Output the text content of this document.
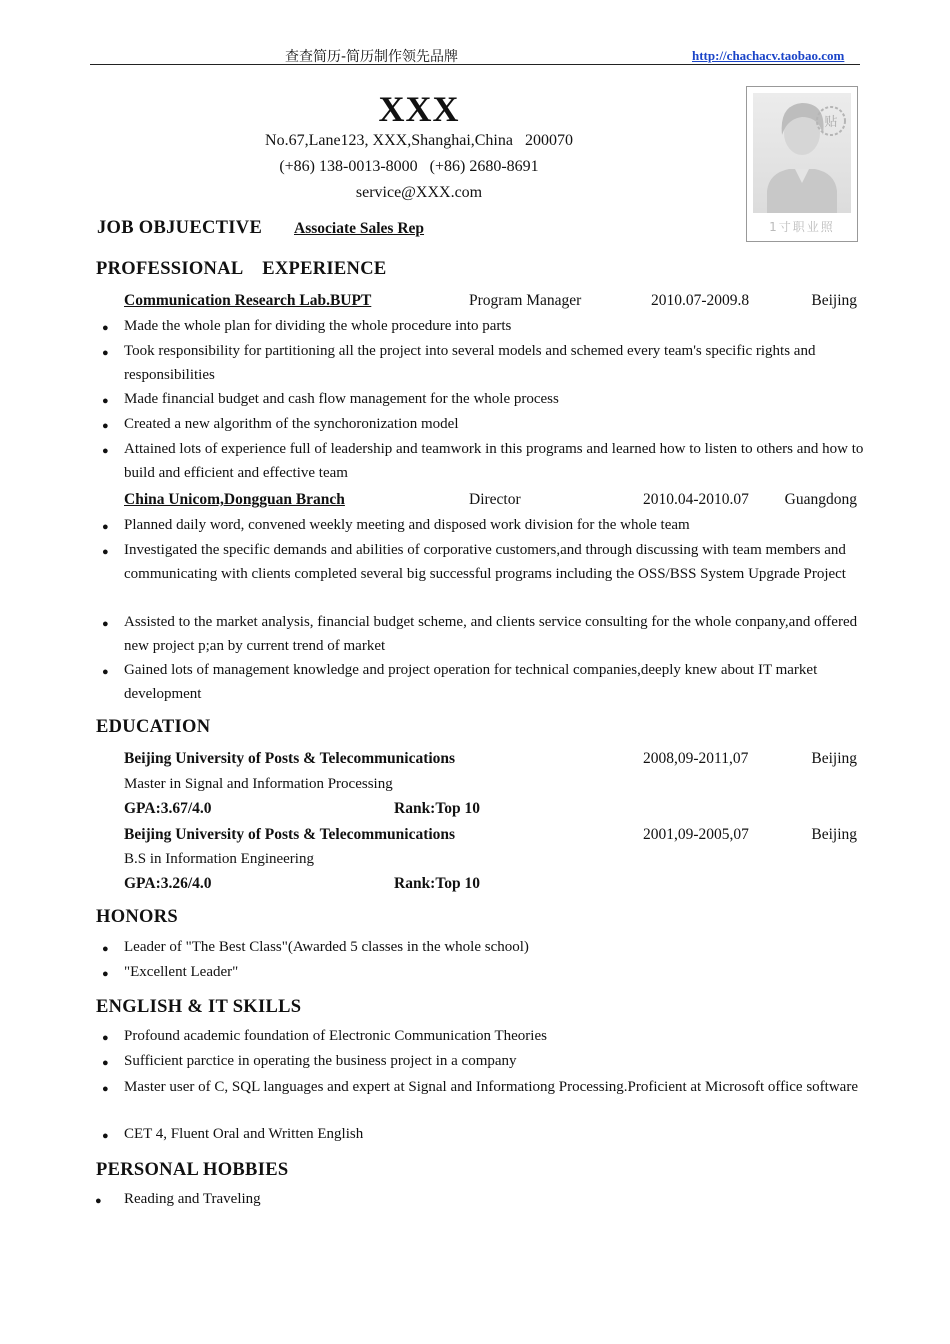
查查简历-简历制作领先品牌	http://chachacv.taobao.com
XXX
No.67,Lane123, XXX,Shanghai,China   200070
(+86) 138-0013-8000   (+86) 2680-8691
service@XXX.com
贴
1寸职业照
JOB OBJUECTIVE Associate Sales Rep
PROFESSIONAL    EXPERIENCE
Communication Research Lab.BUPT	Program Manager	2010.07-2009.8	Beijing
● Made the whole plan for dividing the whole procedure into parts
● Took responsibility for partitioning all the project into several models and schemed every team's specific rights and responsibilities
● Made financial budget and cash flow management for the whole process
● Created a new algorithm of the synchoronization model
● Attained lots of experience full of leadership and teamwork in this programs and learned how to listen to others and how to build and efficient and effective team
China Unicom,Dongguan Branch	Director	2010.04-2010.07	Guangdong
● Planned daily word, convened weekly meeting and disposed work division for the whole team
● Investigated the specific demands and abilities of corporative customers,and through discussing with team members and communicating with clients completed several big successful programs including the OSS/BSS System Upgrade Project
● Assisted to the market analysis, financial budget scheme, and clients service consulting for the whole conpany,and offered new project p;an by current trend of market
● Gained lots of management knowledge and project operation for technical companies,deeply knew about IT market development
EDUCATION
Beijing University of Posts & Telecommunications	2008,09-2011,07	Beijing
Master in Signal and Information Processing
GPA:3.67/4.0	Rank:Top 10
Beijing University of Posts & Telecommunications	2001,09-2005,07	Beijing
B.S in Information Engineering
GPA:3.26/4.0	Rank:Top 10
HONORS
● Leader of "The Best Class"(Awarded 5 classes in the whole school)
● "Excellent Leader"
ENGLISH & IT SKILLS
● Profound academic foundation of Electronic Communication Theories
● Sufficient parctice in operating the business project in a company
● Master user of C, SQL languages and expert at Signal and Informationg Processing.Proficient at Microsoft office software
● CET 4, Fluent Oral and Written English
PERSONAL HOBBIES
● Reading and Traveling
